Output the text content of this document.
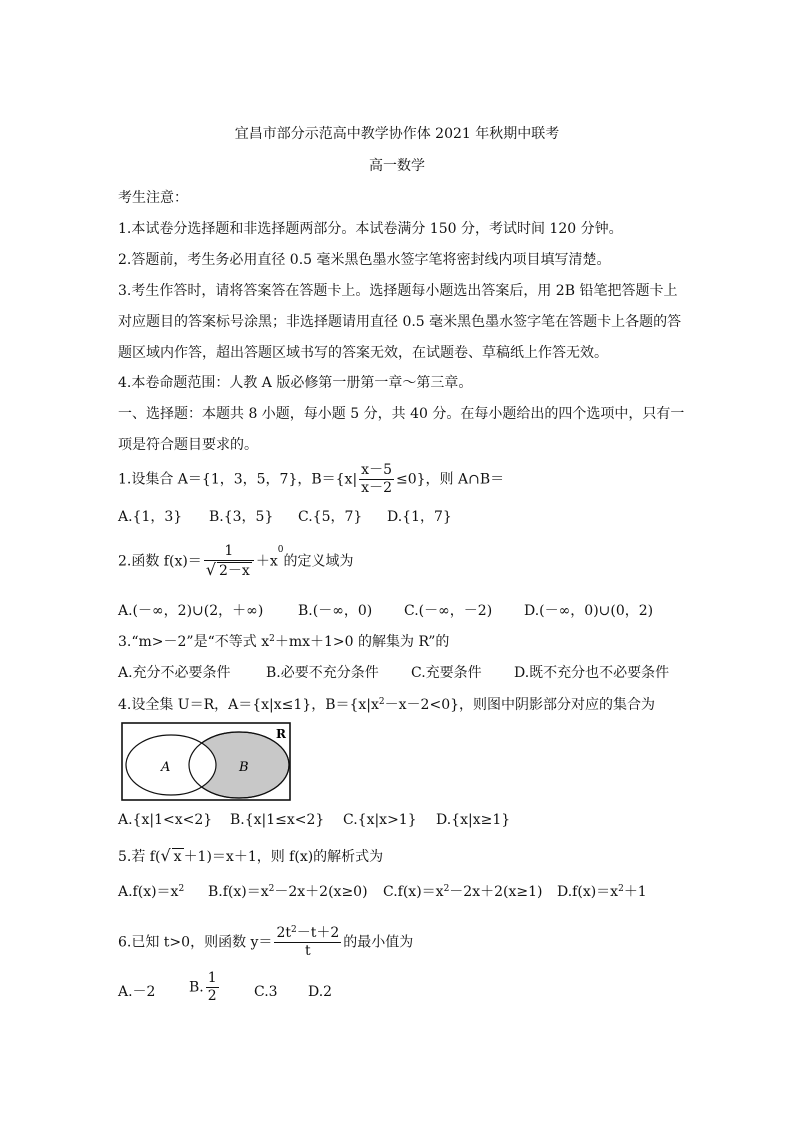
宜昌市部分示范高中教学协作体 2021 年秋期中联考
高一数学
考生注意：
1.本试卷分选择题和非选择题两部分。本试卷满分 150 分，考试时间 120 分钟。
2.答题前，考生务必用直径 0.5 毫米黑色墨水签字笔将密封线内项目填写清楚。
3.考生作答时，请将答案答在答题卡上。选择题每小题选出答案后，用 2B 铅笔把答题卡上
对应题目的答案标号涂黑；非选择题请用直径 0.5 毫米黑色墨水签字笔在答题卡上各题的答
题区域内作答，超出答题区域书写的答案无效，在试题卷、草稿纸上作答无效。
4.本卷命题范围：人教 A 版必修第一册第一章～第三章。
一、选择题：本题共 8 小题，每小题 5 分，共 40 分。在每小题给出的四个选项中，只有一
项是符合题目要求的。
1.设集合 A＝{1，3，5，7}，$B=\{x| \frac{x-5}{x-2} \le 0\}$，则 A∩B＝
A.{1，3} B.{3，5} C.{5，7} D.{1，7}
2.函数 $f(x)= \frac{1}{√ 2-x} +x^0$的定义域为
A.(－∞，2)∪(2，＋∞) B.(－∞，0) C.(－∞，－2) D.(－∞，0)∪(0，2)
3.“m>－2”是“不等式 $x^2+mx+1>0$ 的解集为 R”的
A.充分不必要条件	B.必要不充分条件 C.充要条件 D.既不充分也不必要条件
4.设全集 U＝R，A＝{x|x≤1}，$B=\{x|x^2-x-2<0\}$，则图中阴影部分对应的集合为
R
A	B
A.{x|1<x<2} B.{x|1≤x<2} C.{x|x>1} D.{x|x≥1}
5.若 f(√ x ＋1)＝x＋1，则 f(x)的解析式为
$A.f(x)=x^2$ $B.f(x)=x^2-2x+2(x\ge 0)$ $C.f(x)=x^2-2x+2(x\ge 1)$ $D.f(x)=x^2+1$
6.已知 t>0，则函数 $y= \frac{2t^2-t+2}{t}$ 的最小值为
A.－2 B. $\frac{1}{2}$	C.3 D.2
